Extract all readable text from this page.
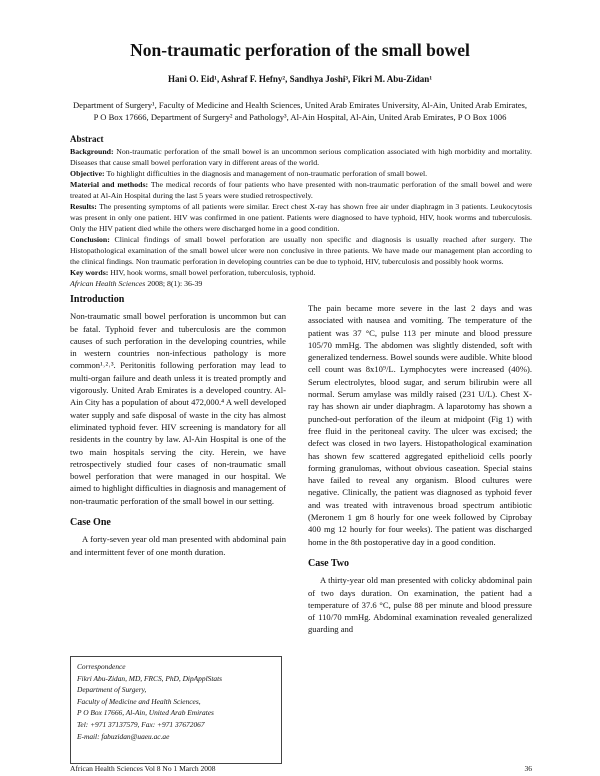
Non-traumatic perforation of the small bowel
Hani O. Eid¹, Ashraf F. Hefny², Sandhya Joshi³, Fikri M. Abu-Zidan¹
Department of Surgery¹, Faculty of Medicine and Health Sciences, United Arab Emirates University, Al-Ain, United Arab Emirates,
P O Box 17666, Department of Surgery² and Pathology³, Al-Ain Hospital, Al-Ain, United Arab Emirates, P O Box 1006
Abstract
Background: Non-traumatic perforation of the small bowel is an uncommon serious complication associated with high morbidity and mortality. Diseases that cause small bowel perforation vary in different areas of the world.
Objective: To highlight difficulties in the diagnosis and management of non-traumatic perforation of small bowel.
Material and methods: The medical records of four patients who have presented with non-traumatic perforation of the small bowel and were treated at Al-Ain Hospital during the last 5 years were studied retrospectively.
Results: The presenting symptoms of all patients were similar. Erect chest X-ray has shown free air under diaphragm in 3 patients. Leukocytosis was present in only one patient. HIV was confirmed in one patient. Patients were diagnosed to have typhoid, HIV, hook worms and tuberculosis. Only the HIV patient died while the others were discharged home in a good condition.
Conclusion: Clinical findings of small bowel perforation are usually non specific and diagnosis is usually reached after surgery. The Histopathological examination of the small bowel ulcer were non conclusive in three patients. We have made our management plan according to the clinical findings. Non traumatic perforation in developing countries can be due to typhoid, HIV, tuberculosis and possibly hook worms.
Key words: HIV, hook worms, small bowel perforation, tuberculosis, typhoid.
African Health Sciences 2008; 8(1): 36-39
Introduction

Non-traumatic small bowel perforation is uncommon but can be fatal. Typhoid fever and tuberculosis are the common causes of such perforation in the developing countries, while in western countries non-infectious pathology is more common¹˒²˒³. Peritonitis following perforation may lead to multi-organ failure and death unless it is treated promptly and vigorously. United Arab Emirates is a developed country. Al-Ain City has a population of about 472,000.⁴ A well developed water supply and safe disposal of waste in the city has almost eliminated typhoid fever. HIV screening is mandatory for all residents in the country by law. Al-Ain Hospital is one of the two main hospitals serving the city. Herein, we have retrospectively studied four cases of non-traumatic small bowel perforation that were managed in our hospital. We aimed to highlight difficulties in diagnosis and management of non-traumatic perforation of the small bowel in our setting.

Case One

A forty-seven year old man presented with abdominal pain and intermittent fever of one month duration.

The pain became more severe in the last 2 days and was associated with nausea and vomiting. The temperature of the patient was 37 °C, pulse 113 per minute and blood pressure 105/70 mmHg. The abdomen was slightly distended, soft with generalized tenderness. Bowel sounds were audible. White blood cell count was 8x10⁹/L. Lymphocytes were increased (40%). Serum electrolytes, blood sugar, and serum bilirubin were all normal. Serum amylase was mildly raised (231 U/L). Chest X-ray has shown air under diaphragm. A laparotomy has shown a punched-out perforation of the ileum at midpoint (Fig 1) with free fluid in the peritoneal cavity. The ulcer was excised; the defect was closed in two layers. Histopathological examination has shown few scattered aggregated epithelioid cells poorly forming granulomas, without obvious caseation. Special stains have failed to reveal any organism. Blood cultures were negative. Clinically, the patient was diagnosed as typhoid fever and was treated with intravenous broad spectrum antibiotic (Meronem 1 gm 8 hourly for one week followed by Ciprobay 400 mg 12 hourly for four weeks). The patient was discharged home in the 8th postoperative day in a good condition.

Case Two

A thirty-year old man presented with colicky abdominal pain of two days duration. On examination, the patient had a temperature of 37.6 °C, pulse 88 per minute and blood pressure of 110/70 mmHg. Abdominal examination revealed generalized guarding and

Correspondence
Fikri Abu-Zidan, MD, FRCS, PhD, DipApplStats
Department of Surgery,
Faculty of Medicine and Health Sciences,
P O Box 17666, Al-Ain, United Arab Emirates
Tel: +971 37137579, Fax: +971 37672067
E-mail: fabuzidan@uaeu.ac.ae
African Health Sciences Vol 8 No 1 March 2008	36
